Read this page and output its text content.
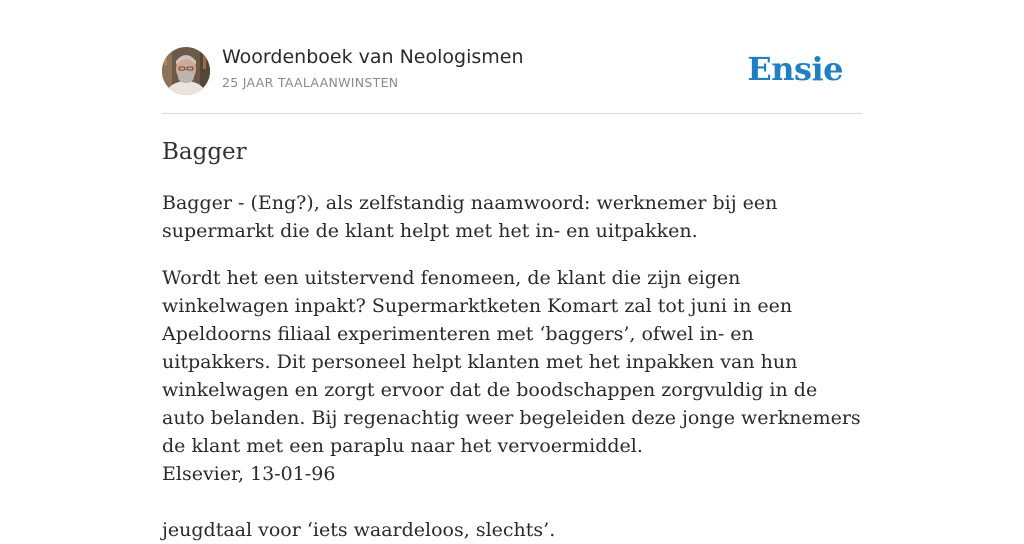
Woordenboek van Neologismen
25 JAAR TAALAANWINSTEN	Ensie
Bagger

Bagger - (Eng?), als zelfstandig naamwoord: werknemer bij een supermarkt die de klant helpt met het in- en uitpakken.

Wordt het een uitstervend fenomeen, de klant die zijn eigen winkelwagen inpakt? Supermarktketen Komart zal tot juni in een Apeldoorns filiaal experimenteren met ‘baggers’, ofwel in- en uitpakkers. Dit personeel helpt klanten met het inpakken van hun winkelwagen en zorgt ervoor dat de boodschappen zorgvuldig in de auto belanden. Bij regenachtig weer begeleiden deze jonge werknemers de klant met een paraplu naar het vervoermiddel.

Elsevier, 13-01-96

jeugdtaal voor ‘iets waardeloos, slechts’.
